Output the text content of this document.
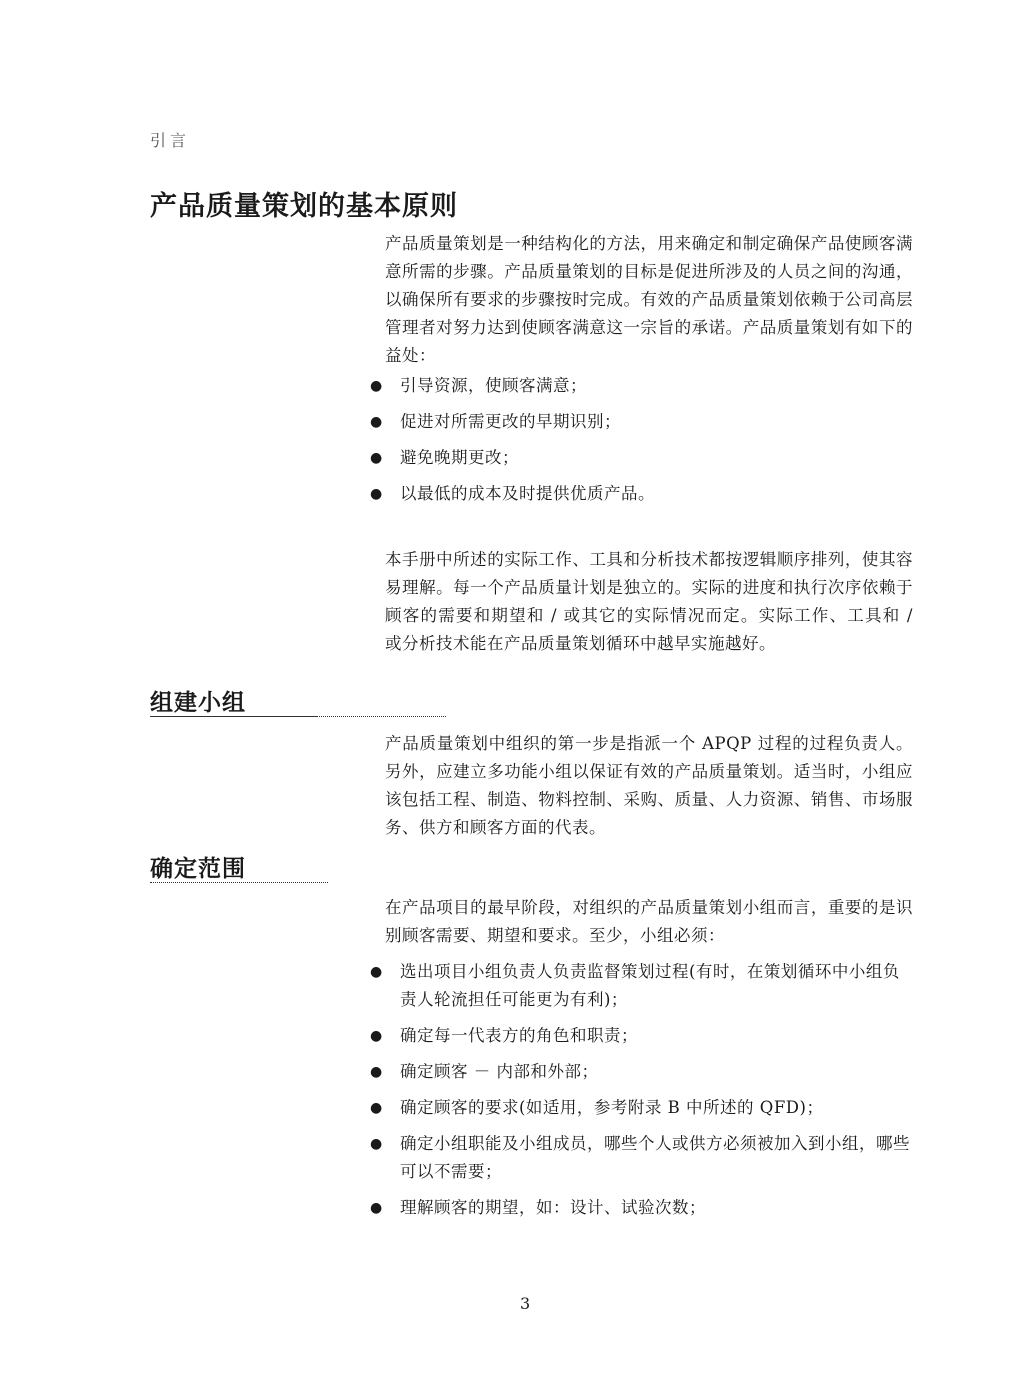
引言
产品质量策划的基本原则

产品质量策划是一种结构化的方法，用来确定和制定确保产品使顾客满意所需的步骤。产品质量策划的目标是促进所涉及的人员之间的沟通，以确保所有要求的步骤按时完成。有效的产品质量策划依赖于公司高层管理者对努力达到使顾客满意这一宗旨的承诺。产品质量策划有如下的益处：

● 引导资源，使顾客满意；
● 促进对所需更改的早期识别；
● 避免晚期更改；
● 以最低的成本及时提供优质产品。

本手册中所述的实际工作、工具和分析技术都按逻辑顺序排列，使其容易理解。每一个产品质量计划是独立的。实际的进度和执行次序依赖于顾客的需要和期望和 / 或其它的实际情况而定。实际工作、工具和 / 或分析技术能在产品质量策划循环中越早实施越好。

组建小组

产品质量策划中组织的第一步是指派一个 APQP 过程的过程负责人。另外，应建立多功能小组以保证有效的产品质量策划。适当时，小组应该包括工程、制造、物料控制、采购、质量、人力资源、销售、市场服务、供方和顾客方面的代表。

确定范围

在产品项目的最早阶段，对组织的产品质量策划小组而言，重要的是识别顾客需要、期望和要求。至少，小组必须：

● 选出项目小组负责人负责监督策划过程(有时，在策划循环中小组负责人轮流担任可能更为有利)；
● 确定每一代表方的角色和职责；
● 确定顾客 － 内部和外部；
● 确定顾客的要求(如适用，参考附录 B 中所述的 QFD)；
● 确定小组职能及小组成员，哪些个人或供方必须被加入到小组，哪些可以不需要；
● 理解顾客的期望，如：设计、试验次数；
3
